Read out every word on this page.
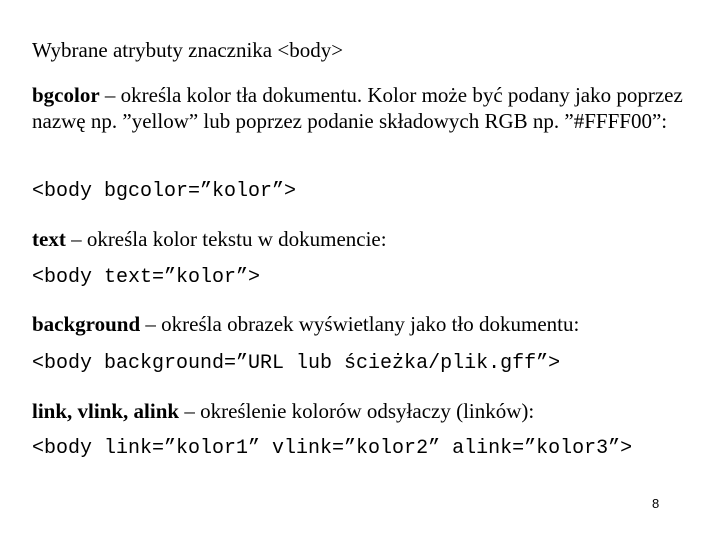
Wybrane atrybuty znacznika <body>
bgcolor – określa kolor tła dokumentu. Kolor może być podany jako poprzez nazwę np. ”yellow” lub poprzez podanie składowych RGB np. ”#FFFF00”:
<body bgcolor=”kolor”>
text – określa kolor tekstu w dokumencie:
<body text=”kolor”>
background – określa obrazek wyświetlany jako tło dokumentu:
<body background=”URL lub ścieżka/plik.gff”>
link, vlink, alink – określenie kolorów odsyłaczy (linków):
<body link=”kolor1” vlink=”kolor2” alink=”kolor3”>
8
